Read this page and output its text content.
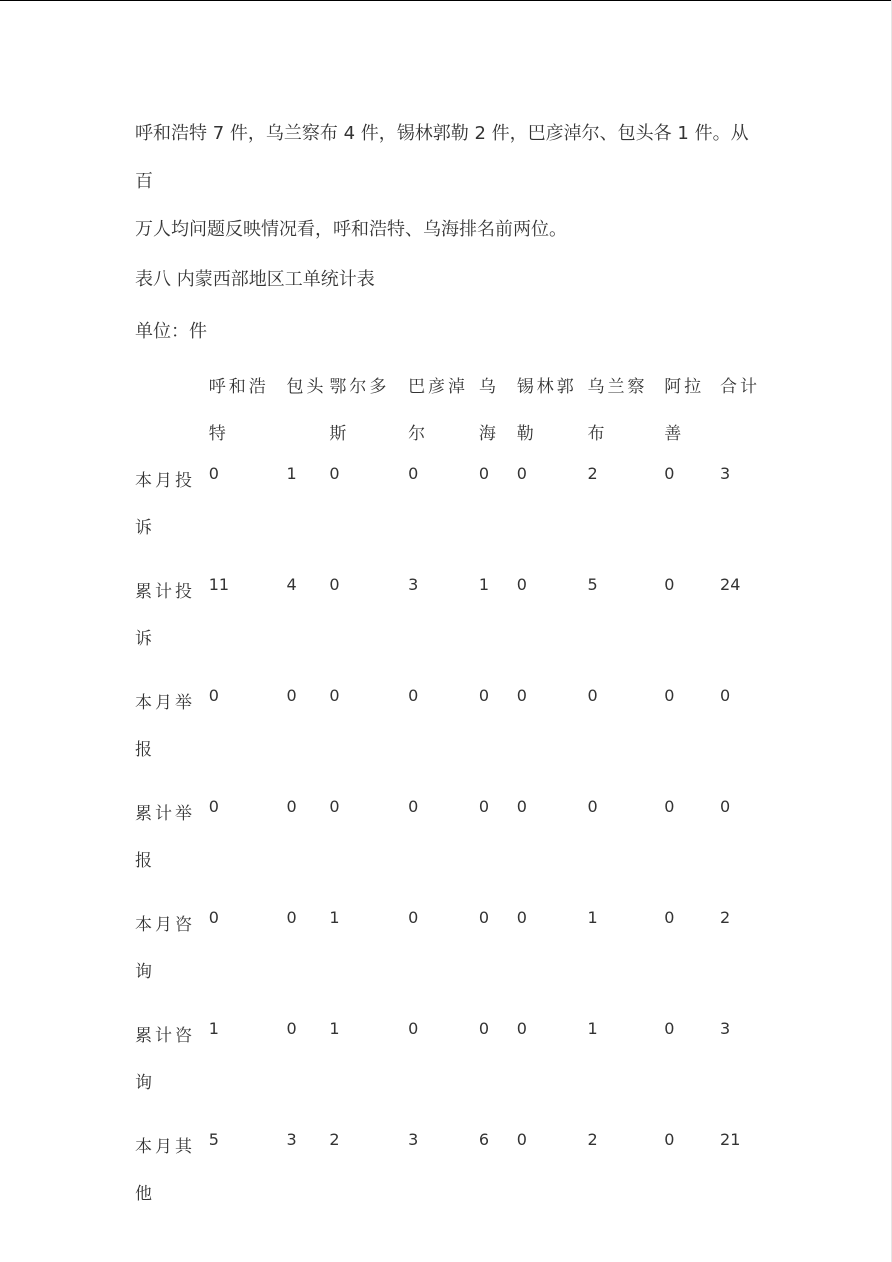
呼和浩特 7 件，乌兰察布 4 件，锡林郭勒 2 件，巴彦淖尔、包头各 1 件。从百

万人均问题反映情况看，呼和浩特、乌海排名前两位。

表八 内蒙西部地区工单统计表

单位：件

	呼和浩特	包头	鄂尔多斯	巴彦淖尔	乌海	锡林郭勒	乌兰察布	阿拉善	合计
本月投诉	0	1	0	0	0	0	2	0	3
累计投诉	11	4	0	3	1	0	5	0	24
本月举报	0	0	0	0	0	0	0	0	0
累计举报	0	0	0	0	0	0	0	0	0
本月咨询	0	0	1	0	0	0	1	0	2
累计咨询	1	0	1	0	0	0	1	0	3
本月其他	5	3	2	3	6	0	2	0	21
